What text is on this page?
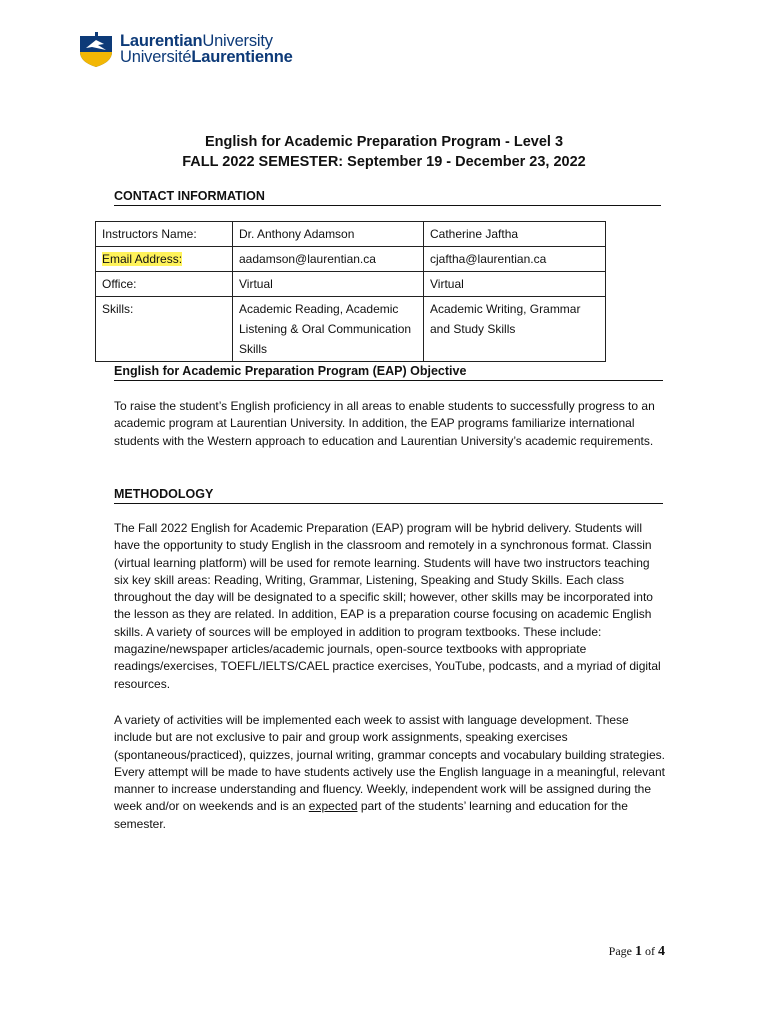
LaurentianUniversity
UniversitéLaurentienne
English for Academic Preparation Program - Level 3
FALL 2022 SEMESTER: September 19 - December 23, 2022
CONTACT INFORMATION
Instructors Name:	Dr. Anthony Adamson	Catherine Jaftha
Email Address:	aadamson@laurentian.ca	cjaftha@laurentian.ca
Office:	Virtual	Virtual
Skills:	Academic Reading, Academic Listening & Oral Communication Skills	Academic Writing, Grammar and Study Skills
English for Academic Preparation Program (EAP) Objective

To raise the student’s English proficiency in all areas to enable students to successfully progress to an academic program at Laurentian University. In addition, the EAP programs familiarize international students with the Western approach to education and Laurentian University’s academic requirements.

METHODOLOGY

The Fall 2022 English for Academic Preparation (EAP) program will be hybrid delivery. Students will have the opportunity to study English in the classroom and remotely in a synchronous format. Classin (virtual learning platform) will be used for remote learning. Students will have two instructors teaching six key skill areas: Reading, Writing, Grammar, Listening, Speaking and Study Skills. Each class throughout the day will be designated to a specific skill; however, other skills may be incorporated into the lesson as they are related. In addition, EAP is a preparation course focusing on academic English skills. A variety of sources will be employed in addition to program textbooks. These include: magazine/newspaper articles/academic journals, open-source textbooks with appropriate readings/exercises, TOEFL/IELTS/CAEL practice exercises, YouTube, podcasts, and a myriad of digital resources.

A variety of activities will be implemented each week to assist with language development. These include but are not exclusive to pair and group work assignments, speaking exercises (spontaneous/practiced), quizzes, journal writing, grammar concepts and vocabulary building strategies. Every attempt will be made to have students actively use the English language in a meaningful, relevant manner to increase understanding and fluency. Weekly, independent work will be assigned during the week and/or on weekends and is an expected part of the students’ learning and education for the semester.

Page 1 of 4
